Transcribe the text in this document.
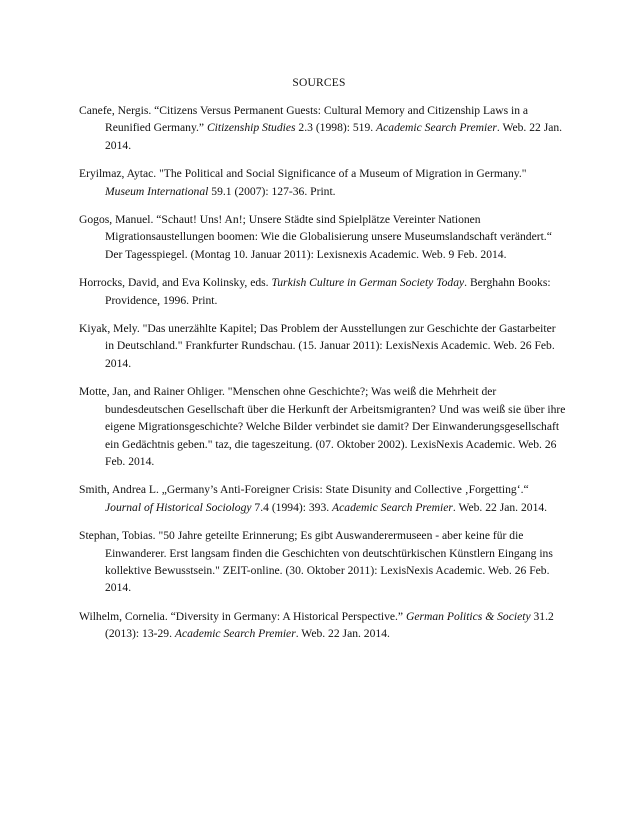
SOURCES

Canefe, Nergis. “Citizens Versus Permanent Guests: Cultural Memory and Citizenship Laws in a Reunified Germany.” Citizenship Studies 2.3 (1998): 519. Academic Search Premier. Web. 22 Jan. 2014.

Eryilmaz, Aytac. "The Political and Social Significance of a Museum of Migration in Germany." Museum International 59.1 (2007): 127-36. Print.

Gogos, Manuel. “Schaut! Uns! An!; Unsere Städte sind Spielplätze Vereinter Nationen Migrationsaustellungen boomen: Wie die Globalisierung unsere Museumslandschaft verändert.“ Der Tagesspiegel. (Montag 10. Januar 2011): Lexisnexis Academic. Web. 9 Feb. 2014.

Horrocks, David, and Eva Kolinsky, eds. Turkish Culture in German Society Today. Berghahn Books: Providence, 1996. Print.

Kiyak, Mely. "Das unerzählte Kapitel; Das Problem der Ausstellungen zur Geschichte der Gastarbeiter in Deutschland." Frankfurter Rundschau. (15. Januar 2011): LexisNexis Academic. Web. 26 Feb. 2014.

Motte, Jan, and Rainer Ohliger. "Menschen ohne Geschichte?; Was weiß die Mehrheit der bundesdeutschen Gesellschaft über die Herkunft der Arbeitsmigranten? Und was weiß sie über ihre eigene Migrationsgeschichte? Welche Bilder verbindet sie damit? Der Einwanderungsgesellschaft ein Gedächtnis geben." taz, die tageszeitung. (07. Oktober 2002). LexisNexis Academic. Web. 26 Feb. 2014.

Smith, Andrea L. „Germany’s Anti-Foreigner Crisis: State Disunity and Collective ‚Forgetting‘.“ Journal of Historical Sociology 7.4 (1994): 393. Academic Search Premier. Web. 22 Jan. 2014.

Stephan, Tobias. "50 Jahre geteilte Erinnerung; Es gibt Auswanderermuseen - aber keine für die Einwanderer. Erst langsam finden die Geschichten von deutschtürkischen Künstlern Eingang ins kollektive Bewusstsein." ZEIT-online. (30. Oktober 2011): LexisNexis Academic. Web. 26 Feb. 2014.

Wilhelm, Cornelia. “Diversity in Germany: A Historical Perspective.” German Politics & Society 31.2 (2013): 13-29. Academic Search Premier. Web. 22 Jan. 2014.
